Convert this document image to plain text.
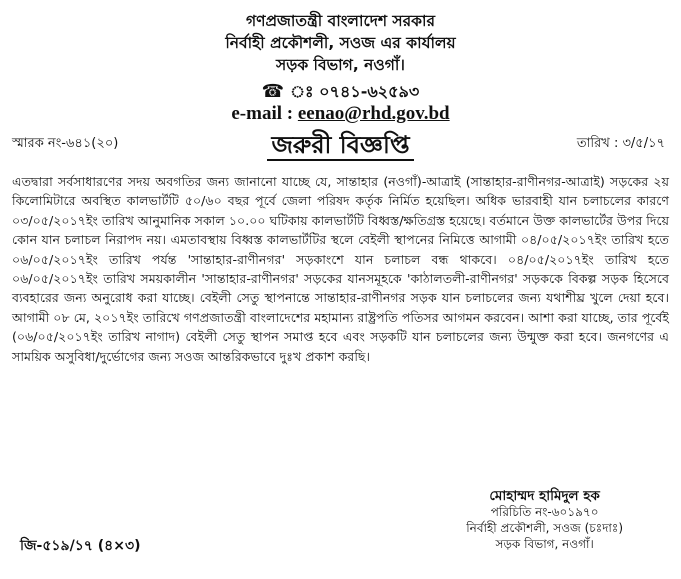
গণপ্রজাতন্ত্রী বাংলাদেশ সরকার
নির্বাহী প্রকৌশলী, সওজ এর কার্যালয়
সড়ক বিভাগ, নওগাঁ।
☎ ঃ ০৭৪১-৬২৫৯৩
e-mail : eenao@rhd.gov.bd
স্মারক নং-৬৪১(২০)	জরুরী বিজ্ঞপ্তি	তারিখ : ৩/৫/১৭
এতদ্বারা সর্বসাধারণের সদয় অবগতির জন্য জানানো যাচ্ছে যে, সান্তাহার (নওগাঁ)-আত্রাই (সান্তাহার-রাণীনগর-আত্রাই) সড়কের ২য় কিলোমিটারে অবস্থিত কালভার্টটি ৫০/৬০ বছর পূর্বে জেলা পরিষদ কর্তৃক নির্মিত হয়েছিল। অধিক ভারবাহী যান চলাচলের কারণে ০৩/০৫/২০১৭ইং তারিখ আনুমানিক সকাল ১০.০০ ঘটিকায় কালভার্টটি বিধ্বস্ত/ক্ষতিগ্রস্ত হয়েছে। বর্তমানে উক্ত কালভার্টের উপর দিয়ে কোন যান চলাচল নিরাপদ নয়। এমতাবস্থায় বিধ্বস্ত কালভার্টটির স্থলে বেইলী স্থাপনের নিমিত্তে আগামী ০৪/০৫/২০১৭ইং তারিখ হতে ০৬/০৫/২০১৭ইং তারিখ পর্যন্ত 'সান্তাহার-রাণীনগর' সড়কাংশে যান চলাচল বন্ধ থাকবে। ০৪/০৫/২০১৭ইং তারিখ হতে ০৬/০৫/২০১৭ইং তারিখ সময়কালীন 'সান্তাহার-রাণীনগর' সড়কের যানসমূহকে 'কাঠালতলী-রাণীনগর' সড়ককে বিকল্প সড়ক হিসেবে ব্যবহারের জন্য অনুরোধ করা যাচ্ছে। বেইলী সেতু স্থাপনান্তে সান্তাহার-রাণীনগর সড়ক যান চলাচলের জন্য যথাশীঘ্র খুলে দেয়া হবে। আগামী ০৮ মে, ২০১৭ইং তারিখে গণপ্রজাতন্ত্রী বাংলাদেশের মহামান্য রাষ্ট্রপতি পতিসর আগমন করবেন। আশা করা যাচ্ছে, তার পূর্বেই (০৬/০৫/২০১৭ইং তারিখ নাগাদ) বেইলী সেতু স্থাপন সমাপ্ত হবে এবং সড়কটি যান চলাচলের জন্য উন্মুক্ত করা হবে। জনগণের এ সাময়িক অসুবিধা/দুর্ভোগের জন্য সওজ আন্তরিকভাবে দুঃখ প্রকাশ করছি।
মোহাম্মদ হামিদুল হক
পরিচিতি নং-৬০১৯৭০
নির্বাহী প্রকৌশলী, সওজ (চঃদাঃ)
সড়ক বিভাগ, নওগাঁ।
জি-৫১৯/১৭ (৪×৩)
